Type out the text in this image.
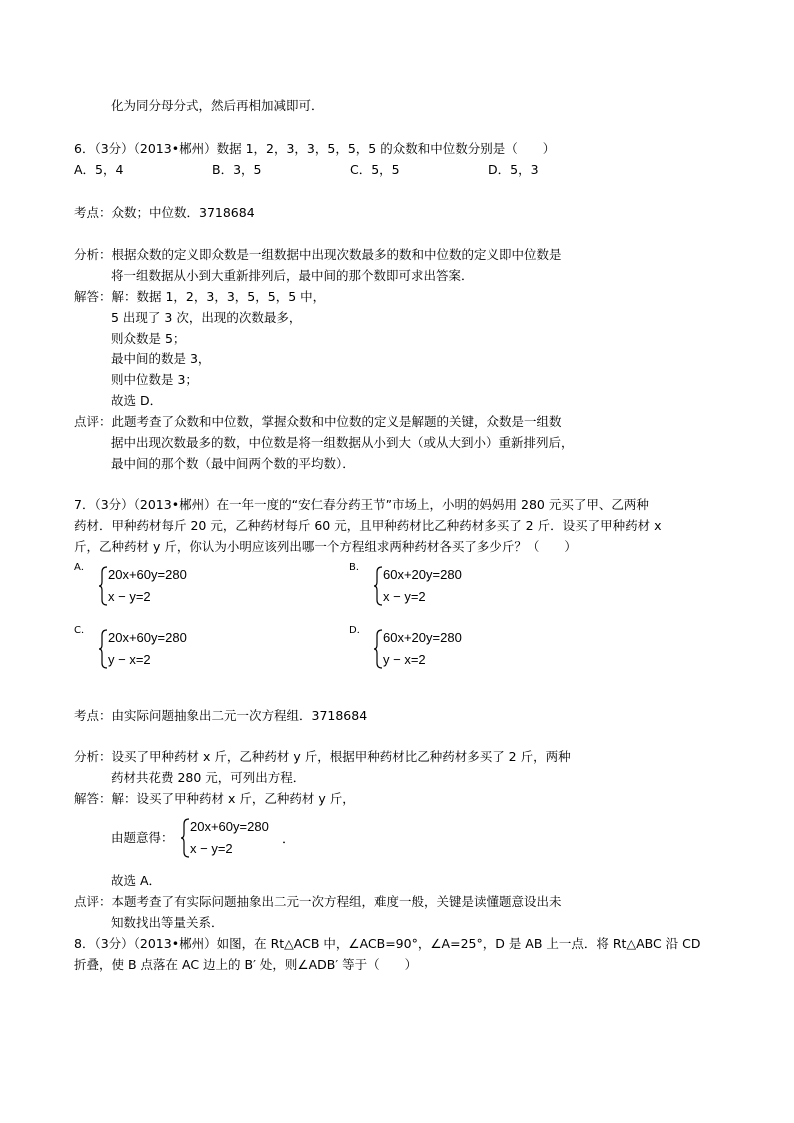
化为同分母分式，然后再相加减即可．
6．（3分）（2013•郴州）数据 1，2，3，3，5，5，5 的众数和中位数分别是（　　）
A．5，4	B．3，5	C．5，5	D．5，3
考点：众数；中位数．3718684
分析：根据众数的定义即众数是一组数据中出现次数最多的数和中位数的定义即中位数是
将一组数据从小到大重新排列后，最中间的那个数即可求出答案．
解答：解：数据 1，2，3，3，5，5，5 中，
5 出现了 3 次，出现的次数最多，
则众数是 5；
最中间的数是 3，
则中位数是 3；
故选 D．
点评：此题考查了众数和中位数，掌握众数和中位数的定义是解题的关键，众数是一组数
据中出现次数最多的数，中位数是将一组数据从小到大（或从大到小）重新排列后，
最中间的那个数（最中间两个数的平均数）．
7．（3分）（2013•郴州）在一年一度的“安仁春分药王节”市场上，小明的妈妈用 280 元买了甲、乙两种
药材．甲种药材每斤 20 元，乙种药材每斤 60 元，且甲种药材比乙种药材多买了 2 斤．设买了甲种药材 x
斤，乙种药材 y 斤，你认为小明应该列出哪一个方程组求两种药材各买了多少斤？（　　）
A． 20x+60y=280
x − y=2
B． 60x+20y=280
x − y=2
C． 20x+60y=280
y − x=2
D． 60x+20y=280
y − x=2
考点：由实际问题抽象出二元一次方程组．3718684
分析：设买了甲种药材 x 斤，乙种药材 y 斤，根据甲种药材比乙种药材多买了 2 斤，两种
药材共花费 280 元，可列出方程．
解答：解：设买了甲种药材 x 斤，乙种药材 y 斤，
由题意得：
20x+60y=280
x − y=2
．
故选 A．
点评：本题考查了有实际问题抽象出二元一次方程组，难度一般，关键是读懂题意设出未
知数找出等量关系．
8．（3分）（2013•郴州）如图，在 Rt△ACB 中，∠ACB=90°，∠A=25°，D 是 AB 上一点．将 Rt△ABC 沿 CD
折叠，使 B 点落在 AC 边上的 B′ 处，则∠ADB′ 等于（　　）
